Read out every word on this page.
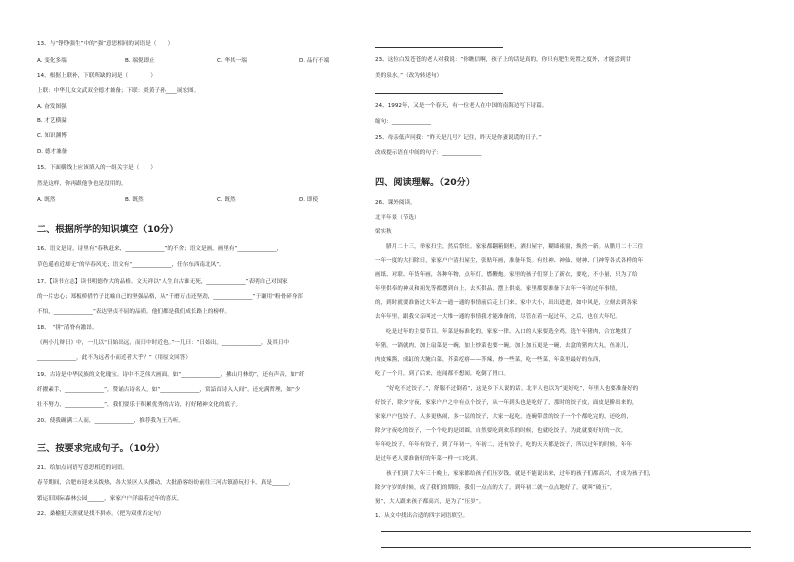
13、与“铮铮强生”中的“强”意思相同的词语是（　　）
A. 变化多端	B. 端倪即止	C. 华其一端	D. 品行不端
14，根据上联补，下联所缺的词是（　　　　）
上联：中华儿女文武双全德才兼备；下联：炎黄子孙____展宏图。
A. 奋发图强
B. 才艺横溢
C. 知识渊博
D. 德才兼备
15、下面横线上应该填入的一组关字是（　　）
然是这样，你再跟他争也是没用的。
A. 既然	B. 既然	C. 既然	D. 即使
二、根据所学的知识填空（10分）
16、语文是诗，诗里有“春秋赶来，______________”的不舍；语文是画，画里有“______________，
草色遥看近却无”的早春风光；语文有“______________，任尔东西南北风”。
17、【读书立志】读书明德作大的品格。文天祥以“人生自古谁无死，______________”表明自己对国家
的一片忠心；郑板桥借竹子比喻自己的坚强品格，从“千磨万击还坚劲，______________”于谦用“粉骨碎身浑
不怕，______________”表达坚贞不屈的品质。他们都是我们成长路上的榜样。
18、　“拼”清脊有激昂。
《两小儿辩日》中，一儿以“日始出远，而日中时近也。”一儿曰：“日始出，______________，及其日中
______________，此不为远者小而近者大乎？”（用原文回答）
19、古诗是中华民族的文化瑰宝。诗中不乏伟大画面，如“______________，拂山月林幼”，还有声音，如“纤
纤擢素手，______________”，赞诵古诗名人，如“______________，赏諳首诗入人间”，还充满哲理，如“少
壮不努力，______________”，我们要乐于积累优秀的古诗，打好精神文化的底子。
20、使我确满二人而，______________，推荐我为王乃听。
三、按要求完成句子。（10分）
21、给加点词语写意思相近的词语。
春节期间，合肥市迎来头拨热，各大景区人头攒动，大批游客纷纷前往三河古镇游玩打卡，真是______，
繁运旧国际森林公园______，家家户户洋溢着过年的喜庆。
22、桑榆犯天涯就是找不拼赤。（把为双重否定句）
23、这位白发苍苍的老人对我说：“你瞧信啊，孩子上的话是真的。你只有肥生死置之度外，才能尝到甘
美的泉水。”（改为转述句）
24、1992年，又是一个春天，有一位老人在中国的南海边写下诗篇。
缩句：______________
25、母亲低声问我：“昨天是几号？记住，昨天是你妻说谎的日子。”
改成提示语在中间的句子：______________
四、阅读理解。（20分）
26、课外阅读。
北平年景（节选）
梁实秋
　　腊月二十三，举家扫尘，然后祭灶。家家都翻箱倒柜，洒扫屋宇，糊墙裱窗，焕然一新。从腊月二十三往
一年一度的大扫除日，家家户户清扫屋尘，张贴年画，准备年货。有灶神、神仙、财神、门神等各式各样的年
画纸、对联、年货年画，各种年物，点年灯，燃鞭炮。家里的孩子们穿上了新衣，要吃，不小量，只为了给
年里供奉的神灵和祖先等都摆到台上，去买供品，摆上供桌。家里都要准备下去年一年的过年事情，
的，到时就要准备过大年去一通一通的事情前后走上门来。家中大小，出出进进，如中风是，立刻去到各家
去年年里，跟我父亲叫过一大堆一通的事情我才能准备的，尽管在着一起过年，之后，也在大年纪。
　　吃是过年的主要节目。年菜是标准化的，家家一律。入口的人家要选全鸡，选午年猪肉，合宜地找了
年猪，一锅就肉，加上扇菜是一碗，加上炒菜也要一碗，加上加五更是一碗，去盒的猪肉大丸，鱼冻儿，
肉皮辣酱，成缸的大腌白菜，芥菜疙瘩——芥辣，炒一些菜，吃一些菜，年菜里最好的东西，
吃了一个月，到了后来，连闻都不想闻，吃倒了胃口。
　　“好吃不过饺子。”，舒服不过倒着”，这是乡下人说的话。北平人也以为“更好吃”，年里人也要准备好的
好饺子，除夕守夜，家家户户之中有点个饺子，从一年到头也是吃好了，那时的饺子皮，面皮是擀出来的，
家家户户包饺子，人多更热闹，多一层的饺子，大家一起吃，连碗带盘的饺子一个个都吃完的，还吃的，
除夕守夜吃的饺子，一个个吃的是团圆，自然要吃到欢乐的时候，也就吃饺子，为此就要好好的一次。
年年吃饺子，年年有饺子，到了年初一，年初二，还有饺子，吃的天天都是饺子，所以过年的时候，年年
是过年老人要准备好的年菜一样一口吃到。
　　孩子们到了大年三十晚上，家家都给孩子们压岁钱，就是不能说出来，过年的孩子们都高兴，才成为孩子们，
除夕守岁的时候，成了我们的期盼，我们一点点的大了，到年初二就一点点地好了，就叫“破五”，
舅”，大人跟来孩子都高兴，是为了“压岁”。
1、从文中找出合适的四字词语填空。
